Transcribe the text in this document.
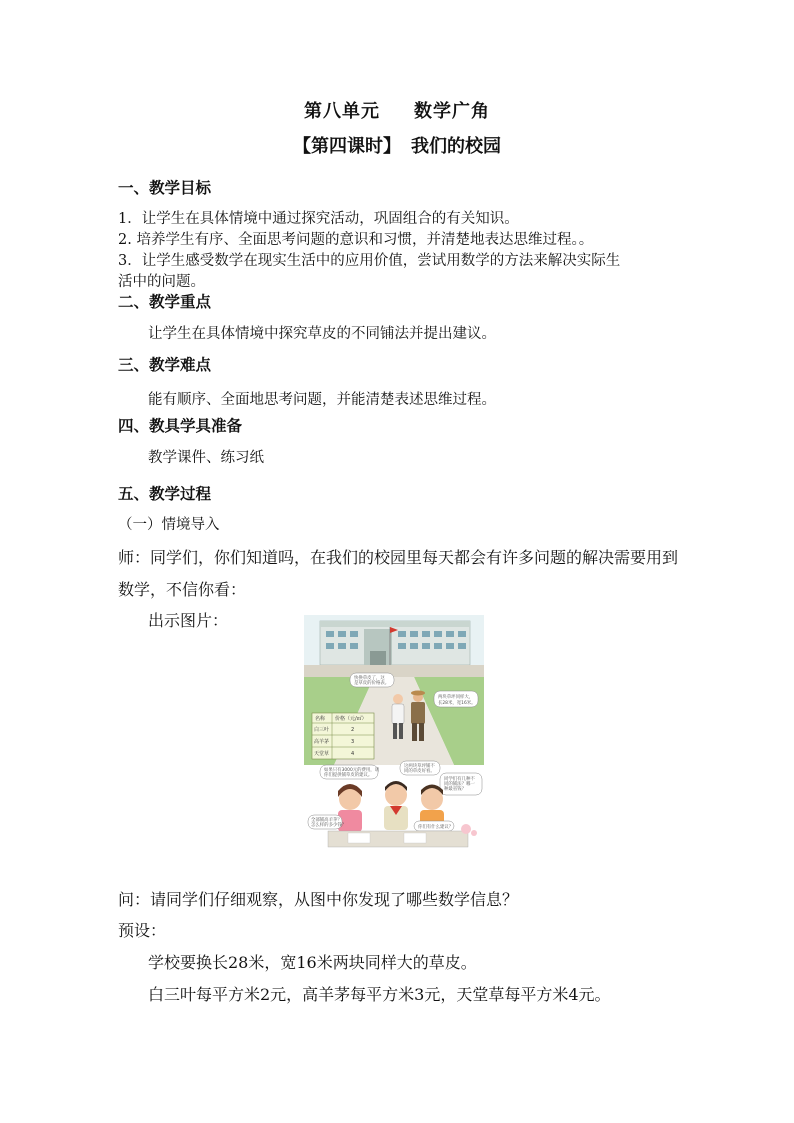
第八单元 数学广角
【第四课时】 我们的校园
一、教学目标
1．让学生在具体情境中通过探究活动，巩固组合的有关知识。
2. 培养学生有序、全面思考问题的意识和习惯，并清楚地表达思维过程。。
3．让学生感受数学在现实生活中的应用价值，尝试用数学的方法来解决实际生
活中的问题。
二、教学重点
让学生在具体情境中探究草皮的不同铺法并提出建议。
三、教学难点
能有顺序、全面地思考问题，并能清楚表述思维过程。
四、教具学具准备
教学课件、练习纸
五、教学过程
（一）情境导入
师：同学们，你们知道吗，在我们的校园里每天都会有许多问题的解决需要用到
数学，不信你看：
出示图片：
快换草皮了，这
是草皮的价格表。
两块草坪同样大，
长28米，宽16米。
名称 价格（元/㎡）
白三叶	2
高羊茅	3
天堂草	4
如果只有3000元的费用，请
你们提供铺草皮的建议。
这两块草坪铺不
同的草皮好看。
同学们有几种不
同的铺法？哪一
种最省钱？
全部铺高羊茅？
怎么样的多少钱？	你们有什么建议？
问：请同学们仔细观察，从图中你发现了哪些数学信息？
预设：
学校要换长28米，宽16米两块同样大的草皮。
白三叶每平方米2元，高羊茅每平方米3元，天堂草每平方米4元。
